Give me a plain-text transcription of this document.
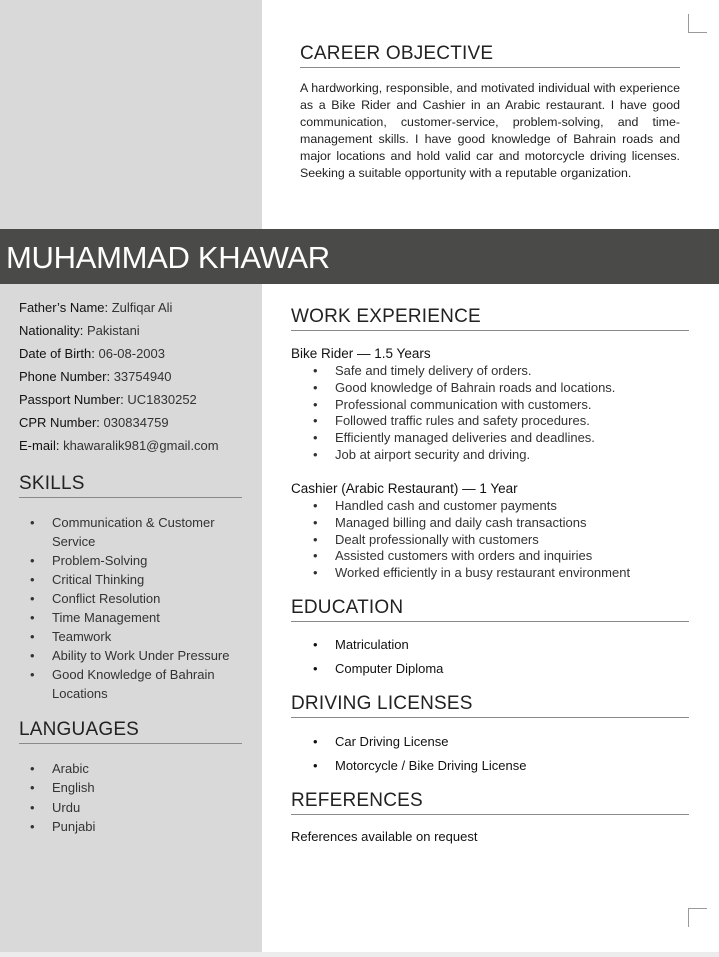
CAREER OBJECTIVE
A hardworking, responsible, and motivated individual with experience as a Bike Rider and Cashier in an Arabic restaurant. I have good communication, customer-service, problem-solving, and time-management skills. I have good knowledge of Bahrain roads and major locations and hold valid car and motorcycle driving licenses. Seeking a suitable opportunity with a reputable organization.
MUHAMMAD KHAWAR
Father’s Name: Zulfiqar Ali
Nationality: Pakistani
Date of Birth: 06-08-2003
Phone Number: 33754940
Passport Number: UC1830252
CPR Number: 030834759
E-mail: khawaralik981@gmail.com
SKILLS
• Communication & Customer Service
• Problem-Solving
• Critical Thinking
• Conflict Resolution
• Time Management
• Teamwork
• Ability to Work Under Pressure
• Good Knowledge of Bahrain Locations
LANGUAGES
• Arabic
• English
• Urdu
• Punjabi
WORK EXPERIENCE
Bike Rider — 1.5 Years
• Safe and timely delivery of orders.
• Good knowledge of Bahrain roads and locations.
• Professional communication with customers.
• Followed traffic rules and safety procedures.
• Efficiently managed deliveries and deadlines.
• Job at airport security and driving.
Cashier (Arabic Restaurant) — 1 Year
• Handled cash and customer payments
• Managed billing and daily cash transactions
• Dealt professionally with customers
• Assisted customers with orders and inquiries
• Worked efficiently in a busy restaurant environment
EDUCATION
• Matriculation
• Computer Diploma
DRIVING LICENSES
• Car Driving License
• Motorcycle / Bike Driving License
REFERENCES
References available on request
